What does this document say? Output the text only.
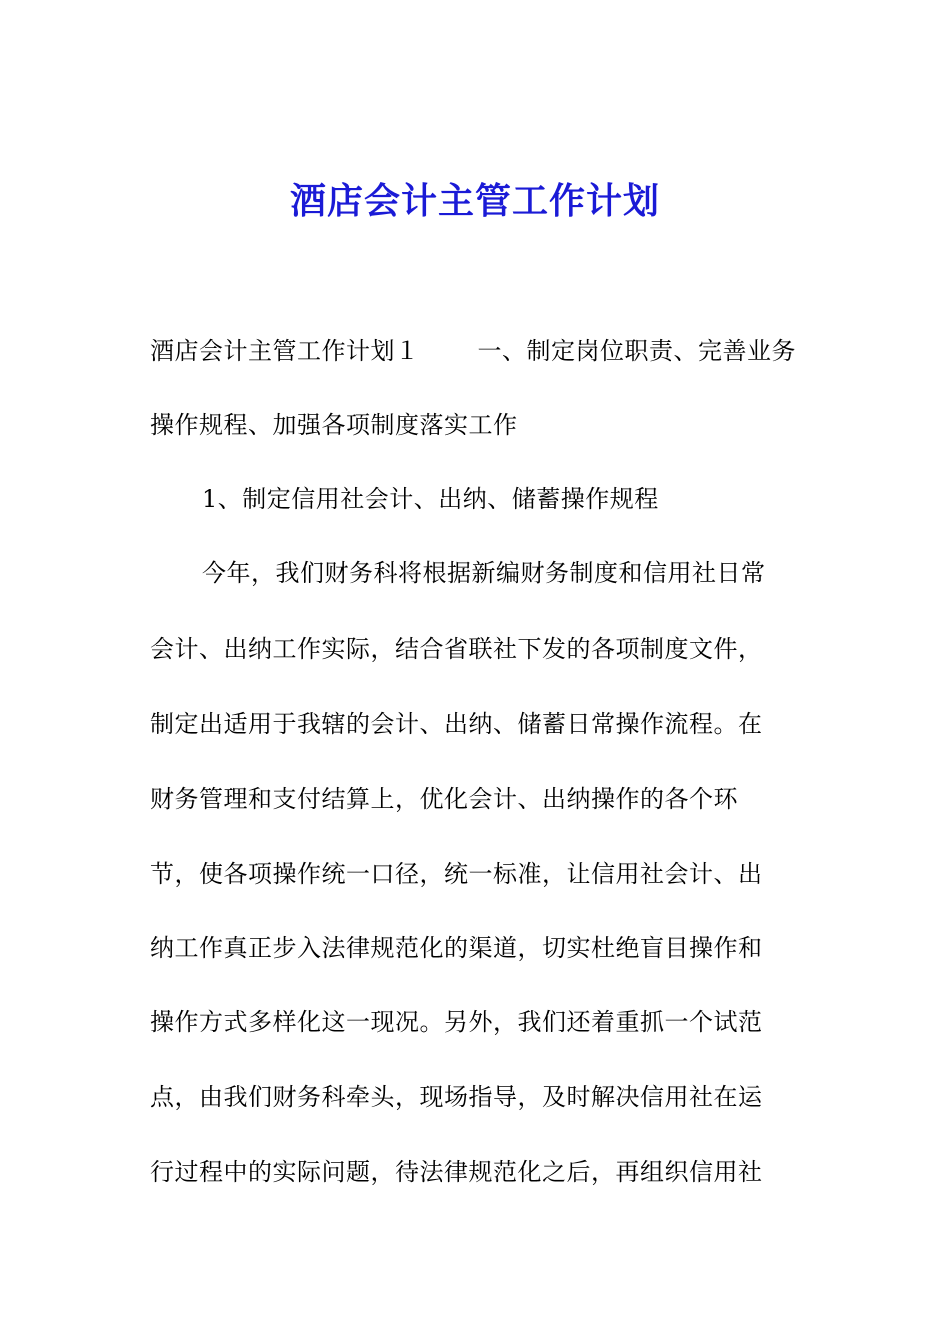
酒店会计主管工作计划
酒店会计主管工作计划１ 一、制定岗位职责、完善业务
操作规程、加强各项制度落实工作
1、制定信用社会计、出纳、储蓄操作规程
今年，我们财务科将根据新编财务制度和信用社日常
会计、出纳工作实际，结合省联社下发的各项制度文件，
制定出适用于我辖的会计、出纳、储蓄日常操作流程。在
财务管理和支付结算上，优化会计、出纳操作的各个环
节，使各项操作统一口径，统一标准，让信用社会计、出
纳工作真正步入法律规范化的渠道，切实杜绝盲目操作和
操作方式多样化这一现况。另外，我们还着重抓一个试范
点，由我们财务科牵头，现场指导，及时解决信用社在运
行过程中的实际问题，待法律规范化之后，再组织信用社
